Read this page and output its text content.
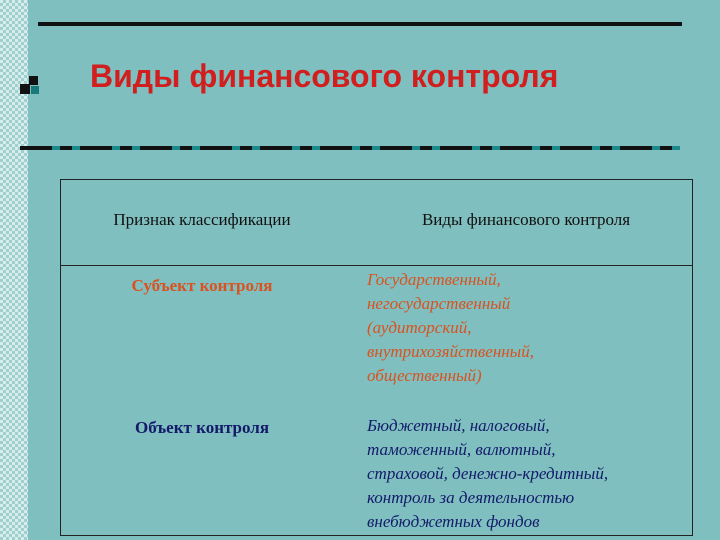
Виды финансового контроля
Признак классификации	Виды финансового контроля
Субъект контроля	Государственный,
негосударственный
(аудиторский,
внутрихозяйственный,
общественный)
Объект контроля	Бюджетный, налоговый,
таможенный, валютный,
страховой, денежно-кредитный,
контроль за деятельностью
внебюджетных фондов
